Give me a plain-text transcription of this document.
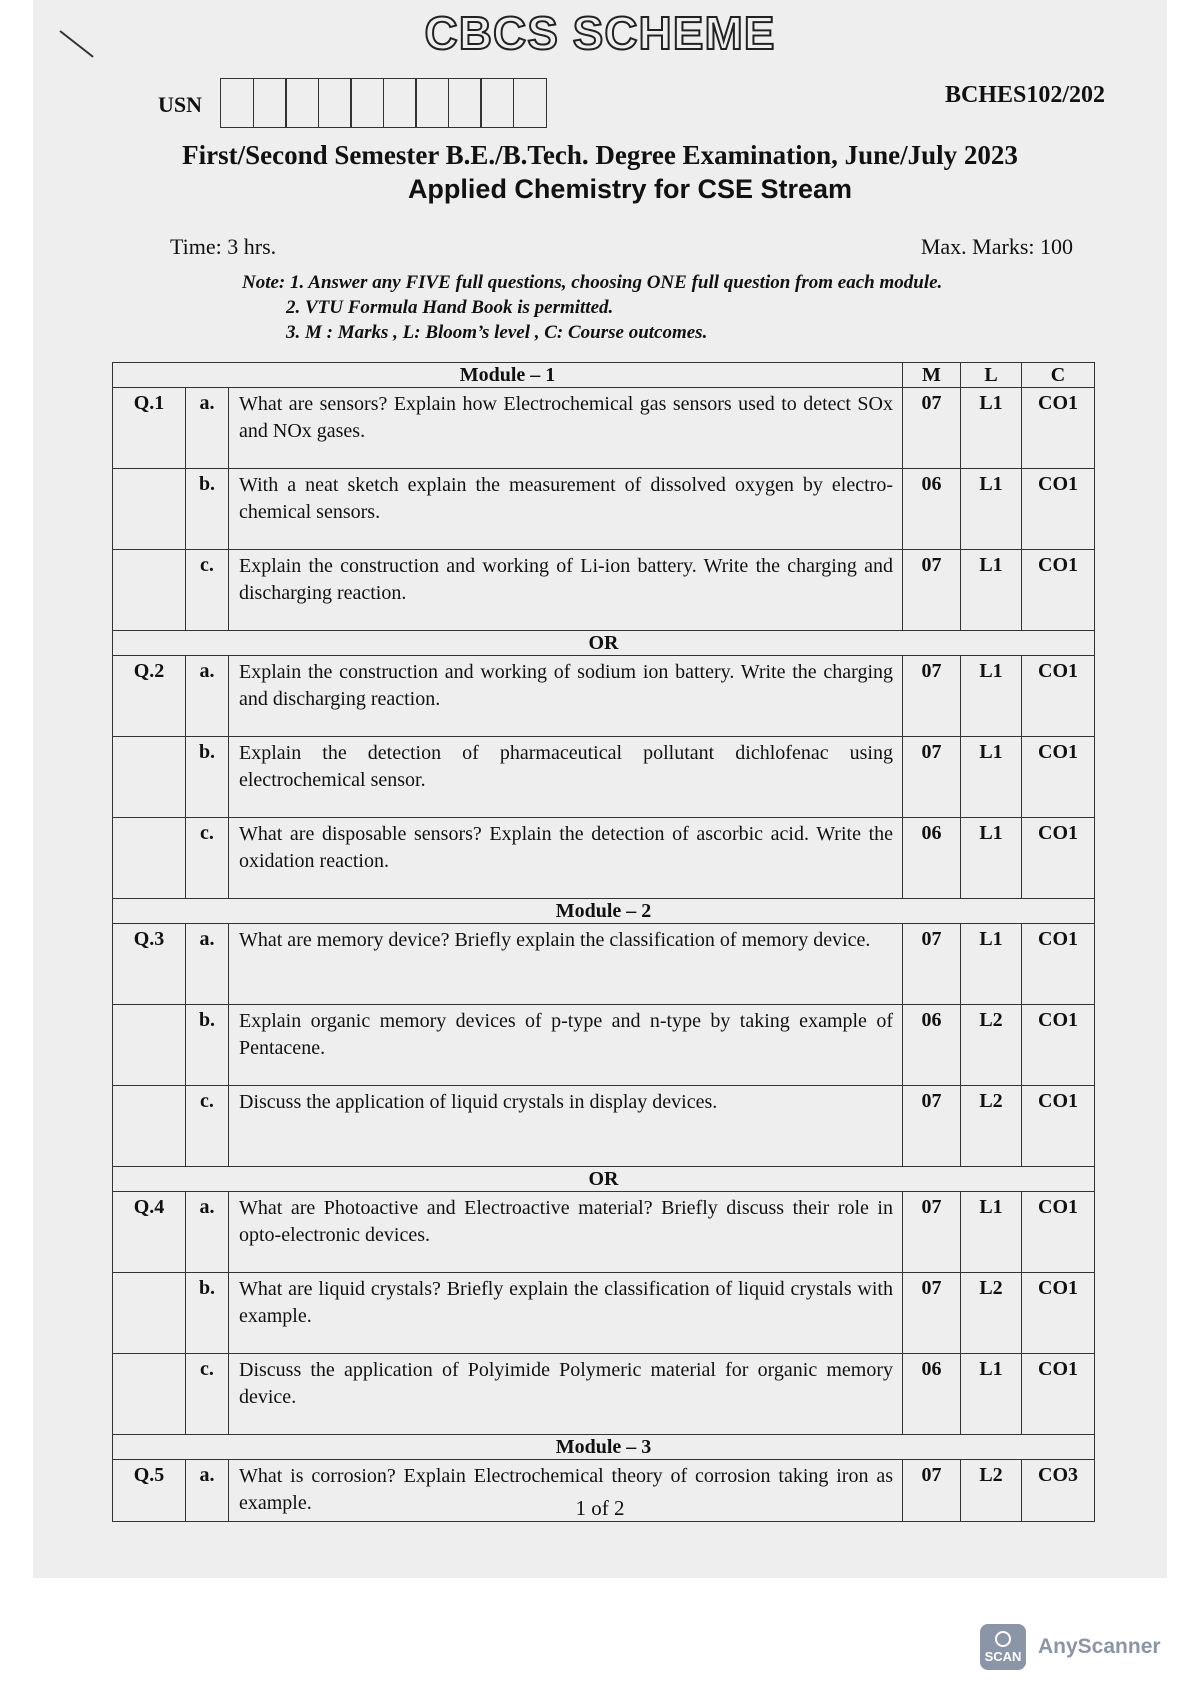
CBCS SCHEME
USN	BCHES102/202
First/Second Semester B.E./B.Tech. Degree Examination, June/July 2023
Applied Chemistry for CSE Stream
Time: 3 hrs.	Max. Marks: 100
Note: 1. Answer any FIVE full questions, choosing ONE full question from each module.
2. VTU Formula Hand Book is permitted.
3. M : Marks , L: Bloom’s level , C: Course outcomes.
Module – 1			M	L	C
Q.1	a.	What are sensors? Explain how Electrochemical gas sensors used to detect SOx and NOx gases.	07	L1	CO1
	b.	With a neat sketch explain the measurement of dissolved oxygen by electro-chemical sensors.	06	L1	CO1
	c.	Explain the construction and working of Li-ion battery. Write the charging and discharging reaction.	07	L1	CO1
OR					
Q.2	a.	Explain the construction and working of sodium ion battery. Write the charging and discharging reaction.	07	L1	CO1
	b.	Explain the detection of pharmaceutical pollutant dichlofenac using electrochemical sensor.	07	L1	CO1
	c.	What are disposable sensors? Explain the detection of ascorbic acid. Write the oxidation reaction.	06	L1	CO1
Module – 2					
Q.3	a.	What are memory device? Briefly explain the classification of memory device.	07	L1	CO1
	b.	Explain organic memory devices of p-type and n-type by taking example of Pentacene.	06	L2	CO1
	c.	Discuss the application of liquid crystals in display devices.	07	L2	CO1
OR					
Q.4	a.	What are Photoactive and Electroactive material? Briefly discuss their role in opto-electronic devices.	07	L1	CO1
	b.	What are liquid crystals? Briefly explain the classification of liquid crystals with example.	07	L2	CO1
	c.	Discuss the application of Polyimide Polymeric material for organic memory device.	06	L1	CO1
Module – 3					
Q.5	a.	What is corrosion? Explain Electrochemical theory of corrosion taking iron as example.	07	L2	CO3
1 of 2
SCAN AnyScanner
